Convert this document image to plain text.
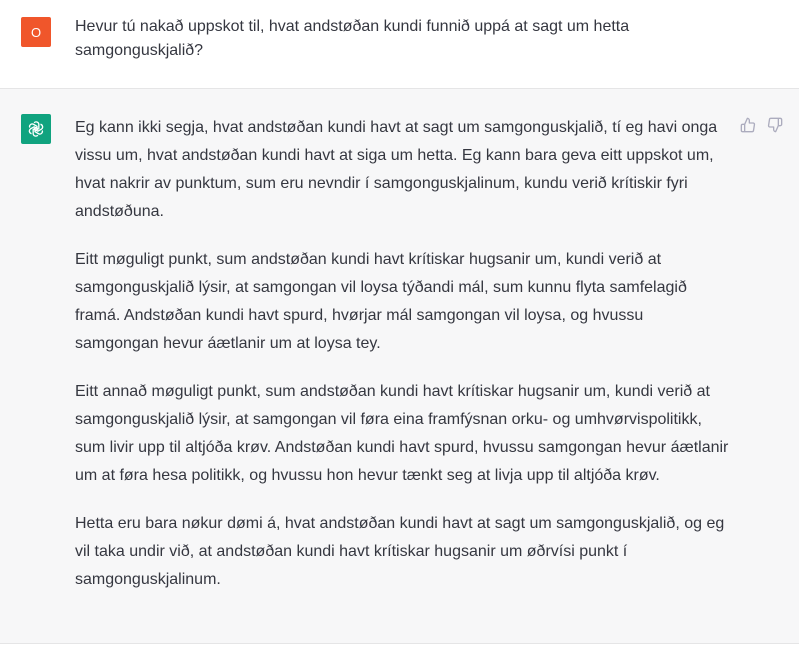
O Hevur tú nakað uppskot til, hvat andstøðan kundi funnið uppá at sagt um hetta samgonguskjalið?

Eg kann ikki segja, hvat andstøðan kundi havt at sagt um samgonguskjalið, tí eg havi onga vissu um, hvat andstøðan kundi havt at siga um hetta. Eg kann bara geva eitt uppskot um, hvat nakrir av punktum, sum eru nevndir í samgonguskjalinum, kundu verið krítiskir fyri andstøðuna.

Eitt møguligt punkt, sum andstøðan kundi havt krítiskar hugsanir um, kundi verið at samgonguskjalið lýsir, at samgongan vil loysa týðandi mál, sum kunnu flyta samfelagið framá. Andstøðan kundi havt spurd, hvørjar mál samgongan vil loysa, og hvussu samgongan hevur áætlanir um at loysa tey.

Eitt annað møguligt punkt, sum andstøðan kundi havt krítiskar hugsanir um, kundi verið at samgonguskjalið lýsir, at samgongan vil føra eina framfýsnan orku- og umhvørvispolitikk, sum livir upp til altjóða krøv. Andstøðan kundi havt spurd, hvussu samgongan hevur áætlanir um at føra hesa politikk, og hvussu hon hevur tænkt seg at livja upp til altjóða krøv.

Hetta eru bara nøkur dømi á, hvat andstøðan kundi havt at sagt um samgonguskjalið, og eg vil taka undir við, at andstøðan kundi havt krítiskar hugsanir um øðrvísi punkt í samgonguskjalinum.
